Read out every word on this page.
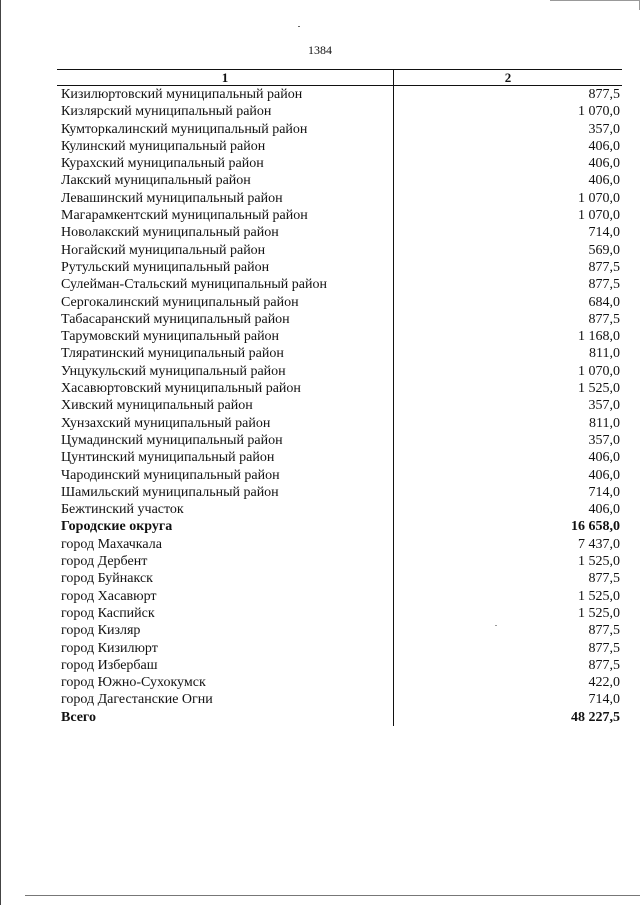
1384
1	2
Кизилюртовский муниципальный район	877,5
Кизлярский муниципальный район	1 070,0
Кумторкалинский муниципальный район	357,0
Кулинский муниципальный район	406,0
Курахский муниципальный район	406,0
Лакский муниципальный район	406,0
Левашинский муниципальный район	1 070,0
Магарамкентский муниципальный район	1 070,0
Новолакский муниципальный район	714,0
Ногайский муниципальный район	569,0
Рутульский муниципальный район	877,5
Сулейман-Стальский муниципальный район	877,5
Сергокалинский муниципальный район	684,0
Табасаранский муниципальный район	877,5
Тарумовский муниципальный район	1 168,0
Тляратинский муниципальный район	811,0
Унцукульский муниципальный район	1 070,0
Хасавюртовский муниципальный район	1 525,0
Хивский муниципальный район	357,0
Хунзахский муниципальный район	811,0
Цумадинский муниципальный район	357,0
Цунтинский муниципальный район	406,0
Чародинский муниципальный район	406,0
Шамильский муниципальный район	714,0
Бежтинский участок	406,0
Городские округа	16 658,0
город Махачкала	7 437,0
город Дербент	1 525,0
город Буйнакск	877,5
город Хасавюрт	1 525,0
город Каспийск	1 525,0
город Кизляр	877,5
город Кизилюрт	877,5
город Избербаш	877,5
город Южно-Сухокумск	422,0
город Дагестанские Огни	714,0
Всего	48 227,5
